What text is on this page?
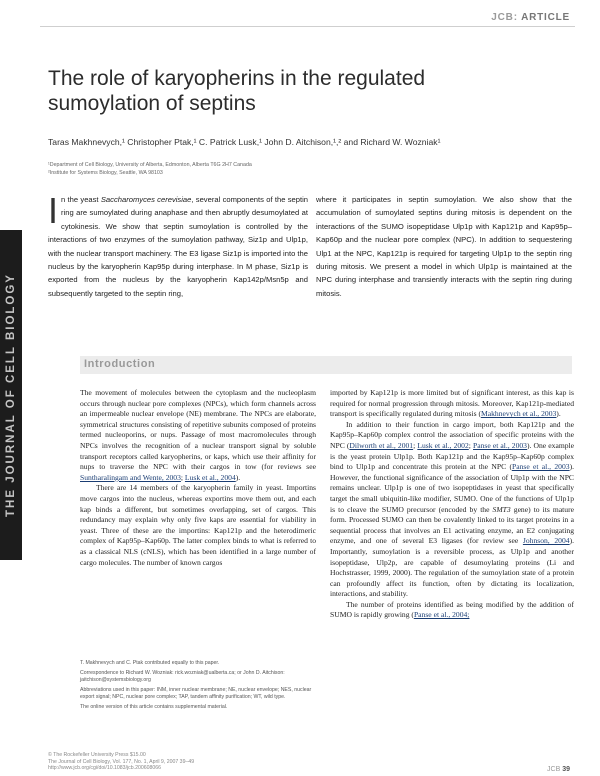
JCB: ARTICLE
THE JOURNAL OF CELL BIOLOGY
The role of karyopherins in the regulated sumoylation of septins
Taras Makhnevych,¹ Christopher Ptak,¹ C. Patrick Lusk,¹ John D. Aitchison,¹,² and Richard W. Wozniak¹
¹Department of Cell Biology, University of Alberta, Edmonton, Alberta T6G 2H7 Canada
²Institute for Systems Biology, Seattle, WA 98103

In the yeast Saccharomyces cerevisiae, several components of the septin ring are sumoylated during anaphase and then abruptly desumoylated at cytokinesis. We show that septin sumoylation is controlled by the interactions of two enzymes of the sumoylation pathway, Siz1p and Ulp1p, with the nuclear transport machinery. The E3 ligase Siz1p is imported into the nucleus by the karyopherin Kap95p during interphase. In M phase, Siz1p is exported from the nucleus by the karyopherin Kap142p/Msn5p and subsequently targeted to the septin ring,

where it participates in septin sumoylation. We also show that the accumulation of sumoylated septins during mitosis is dependent on the interactions of the SUMO isopeptidase Ulp1p with Kap121p and Kap95p–Kap60p and the nuclear pore complex (NPC). In addition to sequestering Ulp1 at the NPC, Kap121p is required for targeting Ulp1p to the septin ring during mitosis. We present a model in which Ulp1p is maintained at the NPC during interphase and transiently interacts with the septin ring during mitosis.

Introduction

The movement of molecules between the cytoplasm and the nucleoplasm occurs through nuclear pore complexes (NPCs), which form channels across an impermeable nuclear envelope (NE) membrane. The NPCs are elaborate, symmetrical structures consisting of repetitive subunits composed of proteins termed nucleoporins, or nups. Passage of most macromolecules through NPCs involves the recognition of a nuclear transport signal by soluble transport receptors called karyopherins, or kaps, which use their affinity for nups to traverse the NPC with their cargos in tow (for reviews see Suntharalingam and Wente, 2003; Lusk et al., 2004).

There are 14 members of the karyopherin family in yeast. Importins move cargos into the nucleus, whereas exportins move them out, and each kap binds a different, but sometimes overlapping, set of cargos. This redundancy may explain why only five kaps are essential for viability in yeast. Three of these are the importins: Kap121p and the heterodimeric complex of Kap95p–Kap60p. The latter complex binds to what is referred to as a classical NLS (cNLS), which has been identified in a large number of cargo molecules. The number of known cargos

T. Makhnevych and C. Ptak contributed equally to this paper.

Correspondence to Richard W. Wozniak: rick.wozniak@ualberta.ca; or John D. Aitchison: jaitchison@systemsbiology.org

Abbreviations used in this paper: INM, inner nuclear membrane; NE, nuclear envelope; NES, nuclear export signal; NPC, nuclear pore complex; TAP, tandem affinity purification; WT, wild type.

The online version of this article contains supplemental material.

imported by Kap121p is more limited but of significant interest, as this kap is required for normal progression through mitosis. Moreover, Kap121p-mediated transport is specifically regulated during mitosis (Makhnevych et al., 2003).

In addition to their function in cargo import, both Kap121p and the Kap95p–Kap60p complex control the association of specific proteins with the NPC (Dilworth et al., 2001; Lusk et al., 2002; Panse et al., 2003). One example is the yeast protein Ulp1p. Both Kap121p and the Kap95p–Kap60p complex bind to Ulp1p and concentrate this protein at the NPC (Panse et al., 2003). However, the functional significance of the association of Ulp1p with the NPC remains unclear. Ulp1p is one of two isopeptidases in yeast that specifically target the small ubiquitin-like modifier, SUMO. One of the functions of Ulp1p is to cleave the SUMO precursor (encoded by the SMT3 gene) to its mature form. Processed SUMO can then be covalently linked to its target proteins in a sequential process that involves an E1 activating enzyme, an E2 conjugating enzyme, and one of several E3 ligases (for review see Johnson, 2004). Importantly, sumoylation is a reversible process, as Ulp1p and another isopeptidase, Ulp2p, are capable of desumoylating proteins (Li and Hochstrasser, 1999, 2000). The regulation of the sumoylation state of a protein can profoundly affect its function, often by dictating its localization, interactions, and stability.

The number of proteins identified as being modified by the addition of SUMO is rapidly growing (Panse et al., 2004;

© The Rockefeller University Press $15.00
The Journal of Cell Biology, Vol. 177, No. 1, April 9, 2007 39–49
http://www.jcb.org/cgi/doi/10.1083/jcb.200608066	JCB 39
